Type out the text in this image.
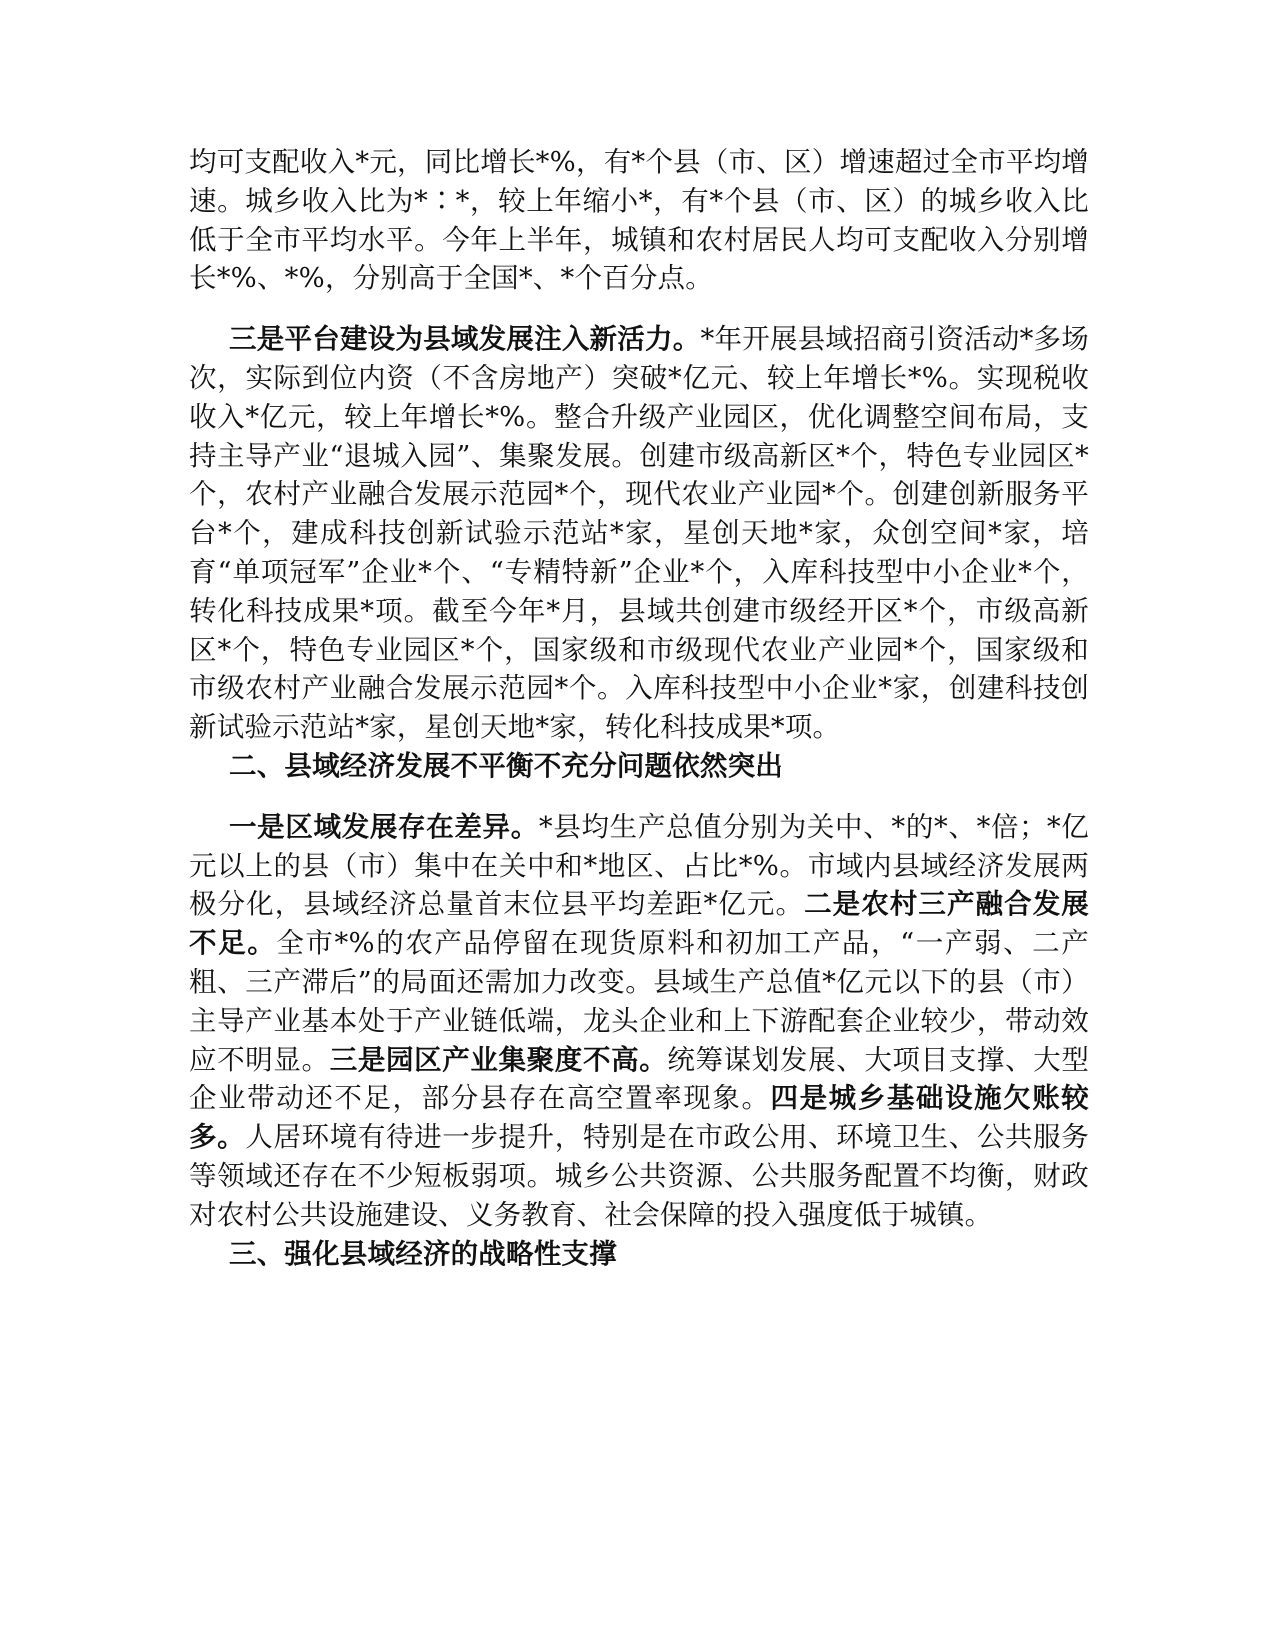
均可支配收入*元，同比增长*%，有*个县（市、区）增速超过全市平均增速。城乡收入比为*∶*，较上年缩小*，有*个县（市、区）的城乡收入比低于全市平均水平。今年上半年，城镇和农村居民人均可支配收入分别增长*%、*%，分别高于全国*、*个百分点。

三是平台建设为县域发展注入新活力。*年开展县域招商引资活动*多场次，实际到位内资（不含房地产）突破*亿元、较上年增长*%。实现税收收入*亿元，较上年增长*%。整合升级产业园区，优化调整空间布局，支持主导产业“退城入园”、集聚发展。创建市级高新区*个，特色专业园区*个，农村产业融合发展示范园*个，现代农业产业园*个。创建创新服务平台*个，建成科技创新试验示范站*家，星创天地*家，众创空间*家，培育“单项冠军”企业*个、“专精特新”企业*个，入库科技型中小企业*个，转化科技成果*项。截至今年*月，县域共创建市级经开区*个，市级高新区*个，特色专业园区*个，国家级和市级现代农业产业园*个，国家级和市级农村产业融合发展示范园*个。入库科技型中小企业*家，创建科技创新试验示范站*家，星创天地*家，转化科技成果*项。

二、县域经济发展不平衡不充分问题依然突出

一是区域发展存在差异。*县均生产总值分别为关中、*的*、*倍；*亿元以上的县（市）集中在关中和*地区、占比*%。市域内县域经济发展两极分化，县域经济总量首末位县平均差距*亿元。二是农村三产融合发展不足。全市*%的农产品停留在现货原料和初加工产品，“一产弱、二产粗、三产滞后”的局面还需加力改变。县域生产总值*亿元以下的县（市）主导产业基本处于产业链低端，龙头企业和上下游配套企业较少，带动效应不明显。三是园区产业集聚度不高。统筹谋划发展、大项目支撑、大型企业带动还不足，部分县存在高空置率现象。四是城乡基础设施欠账较多。人居环境有待进一步提升，特别是在市政公用、环境卫生、公共服务等领域还存在不少短板弱项。城乡公共资源、公共服务配置不均衡，财政对农村公共设施建设、义务教育、社会保障的投入强度低于城镇。

三、强化县域经济的战略性支撑
